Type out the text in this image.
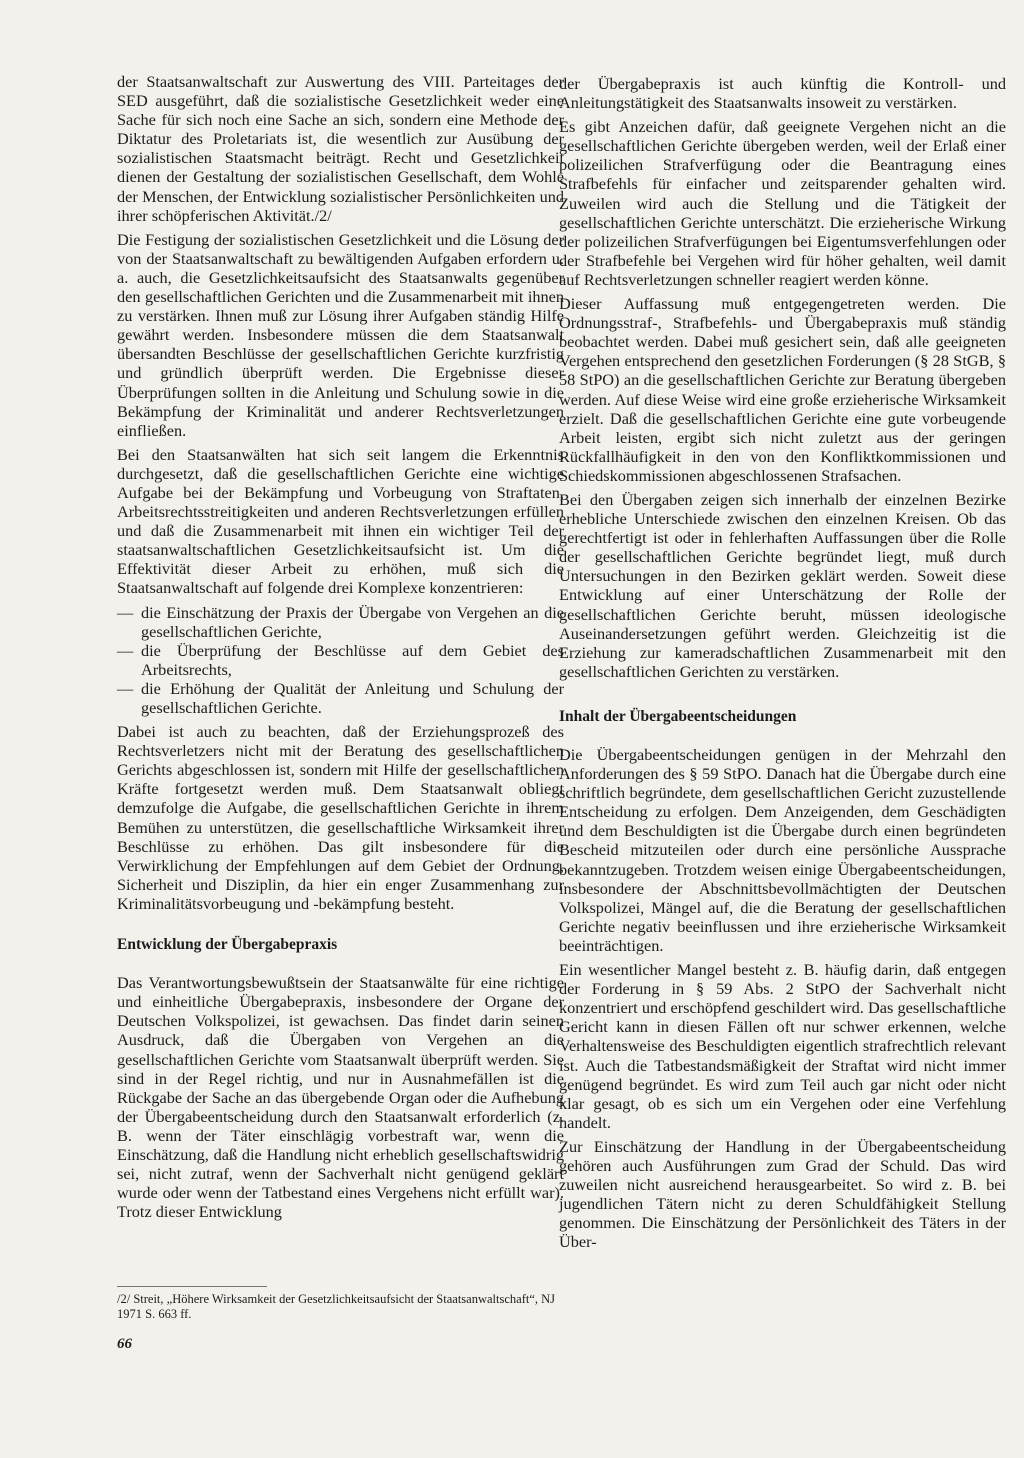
der Staatsanwaltschaft zur Auswertung des VIII. Parteitages der SED ausgeführt, daß die sozialistische Gesetzlichkeit weder eine Sache für sich noch eine Sache an sich, sondern eine Methode der Diktatur des Proletariats ist, die wesentlich zur Ausübung der sozialistischen Staatsmacht beiträgt. Recht und Gesetzlichkeit dienen der Gestaltung der sozialistischen Gesellschaft, dem Wohle der Menschen, der Entwicklung sozialistischer Persönlichkeiten und ihrer schöpferischen Aktivität./2/

Die Festigung der sozialistischen Gesetzlichkeit und die Lösung der von der Staatsanwaltschaft zu bewältigenden Aufgaben erfordern u. a. auch, die Gesetzlichkeitsaufsicht des Staatsanwalts gegenüber den gesellschaftlichen Gerichten und die Zusammenarbeit mit ihnen zu verstärken. Ihnen muß zur Lösung ihrer Aufgaben ständig Hilfe gewährt werden. Insbesondere müssen die dem Staatsanwalt übersandten Beschlüsse der gesellschaftlichen Gerichte kurzfristig und gründlich überprüft werden. Die Ergebnisse dieser Überprüfungen sollten in die Anleitung und Schulung sowie in die Bekämpfung der Kriminalität und anderer Rechtsverletzungen einfließen.

Bei den Staatsanwälten hat sich seit langem die Erkenntnis durchgesetzt, daß die gesellschaftlichen Gerichte eine wichtige Aufgabe bei der Bekämpfung und Vorbeugung von Straftaten, Arbeitsrechtsstreitigkeiten und anderen Rechtsverletzungen erfüllen und daß die Zusammenarbeit mit ihnen ein wichtiger Teil der staatsanwaltschaftlichen Gesetzlichkeitsaufsicht ist. Um die Effektivität dieser Arbeit zu erhöhen, muß sich die Staatsanwaltschaft auf folgende drei Komplexe konzentrieren:

— die Einschätzung der Praxis der Übergabe von Vergehen an die gesellschaftlichen Gerichte,
— die Überprüfung der Beschlüsse auf dem Gebiet des Arbeitsrechts,
— die Erhöhung der Qualität der Anleitung und Schulung der gesellschaftlichen Gerichte.

Dabei ist auch zu beachten, daß der Erziehungsprozeß des Rechtsverletzers nicht mit der Beratung des gesellschaftlichen Gerichts abgeschlossen ist, sondern mit Hilfe der gesellschaftlichen Kräfte fortgesetzt werden muß. Dem Staatsanwalt obliegt demzufolge die Aufgabe, die gesellschaftlichen Gerichte in ihrem Bemühen zu unterstützen, die gesellschaftliche Wirksamkeit ihrer Beschlüsse zu erhöhen. Das gilt insbesondere für die Verwirklichung der Empfehlungen auf dem Gebiet der Ordnung, Sicherheit und Disziplin, da hier ein enger Zusammenhang zur Kriminalitätsvorbeugung und -bekämpfung besteht.

Entwicklung der Übergabepraxis

Das Verantwortungsbewußtsein der Staatsanwälte für eine richtige und einheitliche Übergabepraxis, insbesondere der Organe der Deutschen Volkspolizei, ist gewachsen. Das findet darin seinen Ausdruck, daß die Übergaben von Vergehen an die gesellschaftlichen Gerichte vom Staatsanwalt überprüft werden. Sie sind in der Regel richtig, und nur in Ausnahmefällen ist die Rückgabe der Sache an das übergebende Organ oder die Aufhebung der Übergabeentscheidung durch den Staatsanwalt erforderlich (z. B. wenn der Täter einschlägig vorbestraft war, wenn die Einschätzung, daß die Handlung nicht erheblich gesellschaftswidrig sei, nicht zutraf, wenn der Sachverhalt nicht genügend geklärt wurde oder wenn der Tatbestand eines Vergehens nicht erfüllt war). Trotz dieser Entwicklung

der Übergabepraxis ist auch künftig die Kontroll- und Anleitungstätigkeit des Staatsanwalts insoweit zu verstärken.

Es gibt Anzeichen dafür, daß geeignete Vergehen nicht an die gesellschaftlichen Gerichte übergeben werden, weil der Erlaß einer polizeilichen Strafverfügung oder die Beantragung eines Strafbefehls für einfacher und zeitsparender gehalten wird. Zuweilen wird auch die Stellung und die Tätigkeit der gesellschaftlichen Gerichte unterschätzt. Die erzieherische Wirkung der polizeilichen Strafverfügungen bei Eigentumsverfehlungen oder der Strafbefehle bei Vergehen wird für höher gehalten, weil damit auf Rechtsverletzungen schneller reagiert werden könne.

Dieser Auffassung muß entgegengetreten werden. Die Ordnungsstraf-, Strafbefehls- und Übergabepraxis muß ständig beobachtet werden. Dabei muß gesichert sein, daß alle geeigneten Vergehen entsprechend den gesetzlichen Forderungen (§ 28 StGB, § 58 StPO) an die gesellschaftlichen Gerichte zur Beratung übergeben werden. Auf diese Weise wird eine große erzieherische Wirksamkeit erzielt. Daß die gesellschaftlichen Gerichte eine gute vorbeugende Arbeit leisten, ergibt sich nicht zuletzt aus der geringen Rückfallhäufigkeit in den von den Konfliktkommissionen und Schiedskommissionen abgeschlossenen Strafsachen.

Bei den Übergaben zeigen sich innerhalb der einzelnen Bezirke erhebliche Unterschiede zwischen den einzelnen Kreisen. Ob das gerechtfertigt ist oder in fehlerhaften Auffassungen über die Rolle der gesellschaftlichen Gerichte begründet liegt, muß durch Untersuchungen in den Bezirken geklärt werden. Soweit diese Entwicklung auf einer Unterschätzung der Rolle der gesellschaftlichen Gerichte beruht, müssen ideologische Auseinandersetzungen geführt werden. Gleichzeitig ist die Erziehung zur kameradschaftlichen Zusammenarbeit mit den gesellschaftlichen Gerichten zu verstärken.

Inhalt der Übergabeentscheidungen

Die Übergabeentscheidungen genügen in der Mehrzahl den Anforderungen des § 59 StPO. Danach hat die Übergabe durch eine schriftlich begründete, dem gesellschaftlichen Gericht zuzustellende Entscheidung zu erfolgen. Dem Anzeigenden, dem Geschädigten und dem Beschuldigten ist die Übergabe durch einen begründeten Bescheid mitzuteilen oder durch eine persönliche Aussprache bekanntzugeben. Trotzdem weisen einige Übergabeentscheidungen, insbesondere der Abschnittsbevollmächtigten der Deutschen Volkspolizei, Mängel auf, die die Beratung der gesellschaftlichen Gerichte negativ beeinflussen und ihre erzieherische Wirksamkeit beeinträchtigen.

Ein wesentlicher Mangel besteht z. B. häufig darin, daß entgegen der Forderung in § 59 Abs. 2 StPO der Sachverhalt nicht konzentriert und erschöpfend geschildert wird. Das gesellschaftliche Gericht kann in diesen Fällen oft nur schwer erkennen, welche Verhaltensweise des Beschuldigten eigentlich strafrechtlich relevant ist. Auch die Tatbestandsmäßigkeit der Straftat wird nicht immer genügend begründet. Es wird zum Teil auch gar nicht oder nicht klar gesagt, ob es sich um ein Vergehen oder eine Verfehlung handelt.

Zur Einschätzung der Handlung in der Übergabeentscheidung gehören auch Ausführungen zum Grad der Schuld. Das wird zuweilen nicht ausreichend herausgearbeitet. So wird z. B. bei jugendlichen Tätern nicht zu deren Schuldfähigkeit Stellung genommen. Die Einschätzung der Persönlichkeit des Täters in der Über-

/2/ Streit, „Höhere Wirksamkeit der Gesetzlichkeitsaufsicht der Staatsanwaltschaft“, NJ 1971 S. 663 ff.
66
